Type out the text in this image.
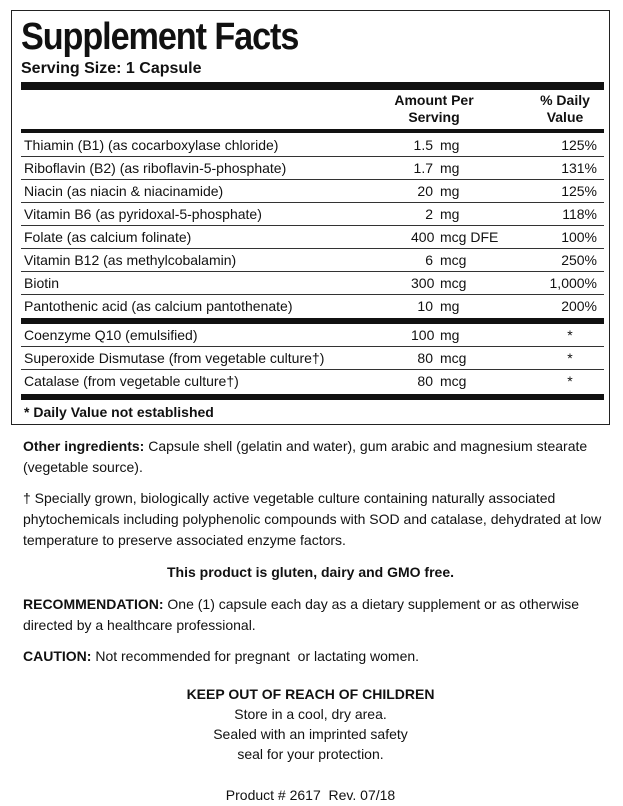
Supplement Facts
Serving Size: 1 Capsule
Amount Per
Serving
% Daily
Value
Thiamin (B1) (as cocarboxylase chloride)	1.5 mg	125%
Riboflavin (B2) (as riboflavin-5-phosphate)	1.7 mg	131%
Niacin (as niacin & niacinamide)	20 mg	125%
Vitamin B6 (as pyridoxal-5-phosphate)	2 mg	118%
Folate (as calcium folinate)	400 mcg DFE	100%
Vitamin B12 (as methylcobalamin)	6 mcg	250%
Biotin	300 mcg	1,000%
Pantothenic acid (as calcium pantothenate)	10 mg	200%
Coenzyme Q10 (emulsified)	100 mg	*
Superoxide Dismutase (from vegetable culture†)	80 mcg	*
Catalase (from vegetable culture†)	80 mcg	*
* Daily Value not established
Other ingredients: Capsule shell (gelatin and water), gum arabic and magnesium stearate (vegetable source).
† Specially grown, biologically active vegetable culture containing naturally associated phytochemicals including polyphenolic compounds with SOD and catalase, dehydrated at low temperature to preserve associated enzyme factors.
This product is gluten, dairy and GMO free.
RECOMMENDATION: One (1) capsule each day as a dietary supplement or as otherwise directed by a healthcare professional.
CAUTION: Not recommended for pregnant  or lactating women.
KEEP OUT OF REACH OF CHILDREN
Store in a cool, dry area.
Sealed with an imprinted safety
seal for your protection.
Product # 2617  Rev. 07/18
